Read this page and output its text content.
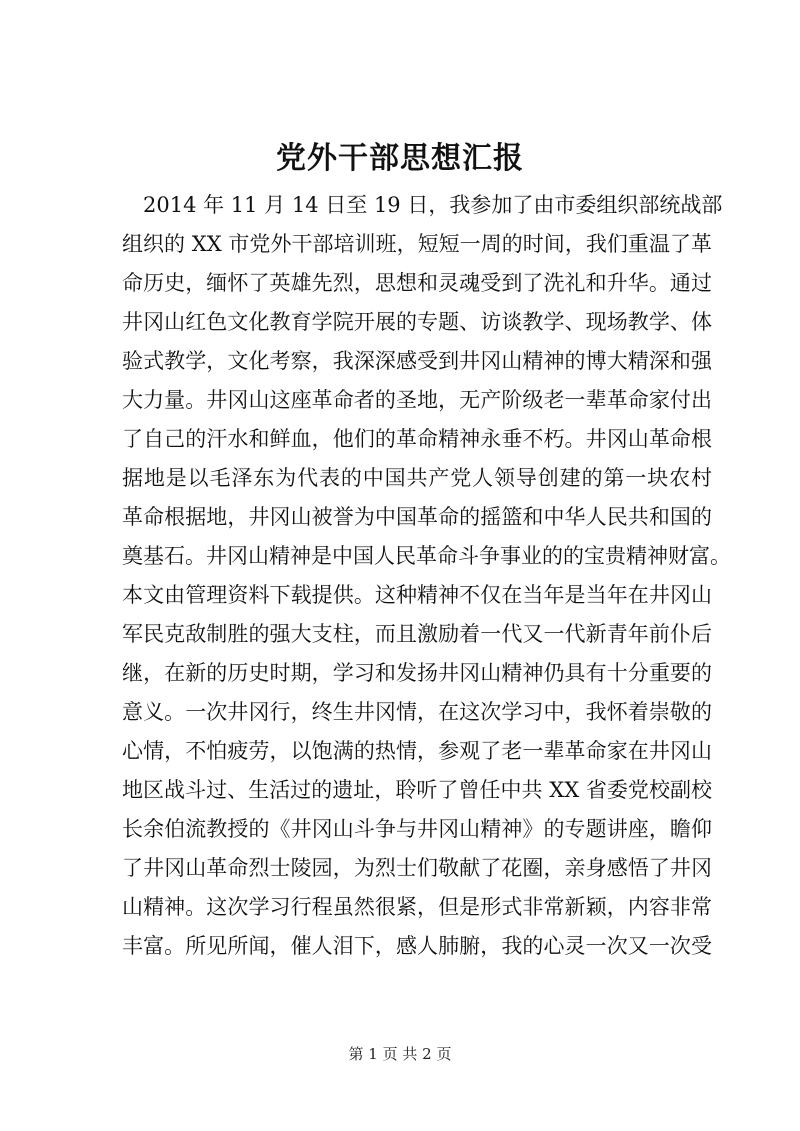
党外干部思想汇报
2014 年 11 月 14 日至 19 日，我参加了由市委组织部统战部
组织的 XX 市党外干部培训班，短短一周的时间，我们重温了革
命历史，缅怀了英雄先烈，思想和灵魂受到了洗礼和升华。通过
井冈山红色文化教育学院开展的专题、访谈教学、现场教学、体
验式教学，文化考察，我深深感受到井冈山精神的博大精深和强
大力量。井冈山这座革命者的圣地，无产阶级老一辈革命家付出
了自己的汗水和鲜血，他们的革命精神永垂不朽。井冈山革命根
据地是以毛泽东为代表的中国共产党人领导创建的第一块农村
革命根据地，井冈山被誉为中国革命的摇篮和中华人民共和国的
奠基石。井冈山精神是中国人民革命斗争事业的的宝贵精神财富。
本文由管理资料下载提供。这种精神不仅在当年是当年在井冈山
军民克敌制胜的强大支柱，而且激励着一代又一代新青年前仆后
继，在新的历史时期，学习和发扬井冈山精神仍具有十分重要的
意义。一次井冈行，终生井冈情，在这次学习中，我怀着崇敬的
心情，不怕疲劳，以饱满的热情，参观了老一辈革命家在井冈山
地区战斗过、生活过的遗址，聆听了曾任中共 XX 省委党校副校
长余伯流教授的《井冈山斗争与井冈山精神》的专题讲座，瞻仰
了井冈山革命烈士陵园，为烈士们敬献了花圈，亲身感悟了井冈
山精神。这次学习行程虽然很紧，但是形式非常新颖，内容非常
丰富。所见所闻，催人泪下，感人肺腑，我的心灵一次又一次受
第 1 页 共 2 页
